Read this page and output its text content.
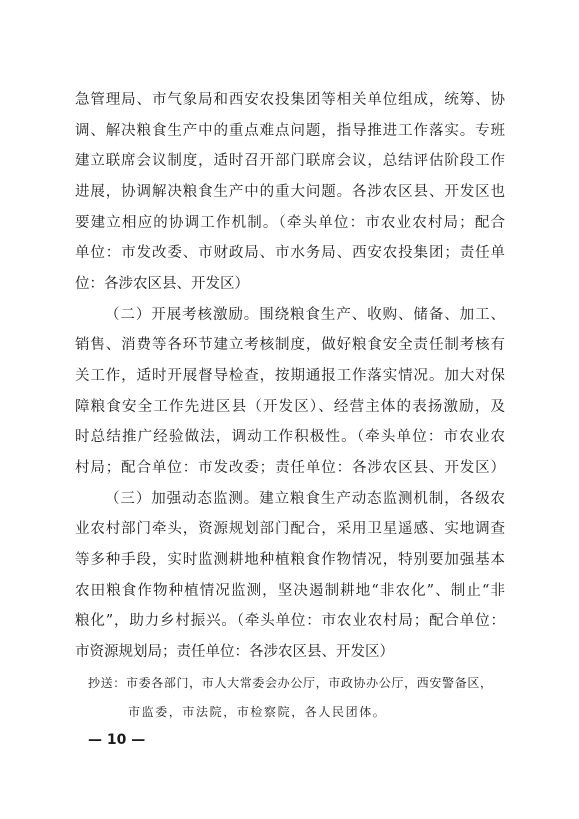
急管理局、市气象局和西安农投集团等相关单位组成，统筹、协
调、解决粮食生产中的重点难点问题，指导推进工作落实。专班
建立联席会议制度，适时召开部门联席会议，总结评估阶段工作
进展，协调解决粮食生产中的重大问题。各涉农区县、开发区也
要建立相应的协调工作机制。（牵头单位：市农业农村局；配合
单位：市发改委、市财政局、市水务局、西安农投集团；责任单
位：各涉农区县、开发区）
（二）开展考核激励。围绕粮食生产、收购、储备、加工、
销售、消费等各环节建立考核制度，做好粮食安全责任制考核有
关工作，适时开展督导检查，按期通报工作落实情况。加大对保
障粮食安全工作先进区县（开发区）、经营主体的表扬激励，及
时总结推广经验做法，调动工作积极性。（牵头单位：市农业农
村局；配合单位：市发改委；责任单位：各涉农区县、开发区）
（三）加强动态监测。建立粮食生产动态监测机制，各级农
业农村部门牵头，资源规划部门配合，采用卫星遥感、实地调查
等多种手段，实时监测耕地种植粮食作物情况，特别要加强基本
农田粮食作物种植情况监测，坚决遏制耕地“非农化”、制止“非
粮化”，助力乡村振兴。（牵头单位：市农业农村局；配合单位：
市资源规划局；责任单位：各涉农区县、开发区）
抄送：市委各部门，市人大常委会办公厅，市政协办公厅，西安警备区，
市监委，市法院，市检察院，各人民团体。
— 10 —
